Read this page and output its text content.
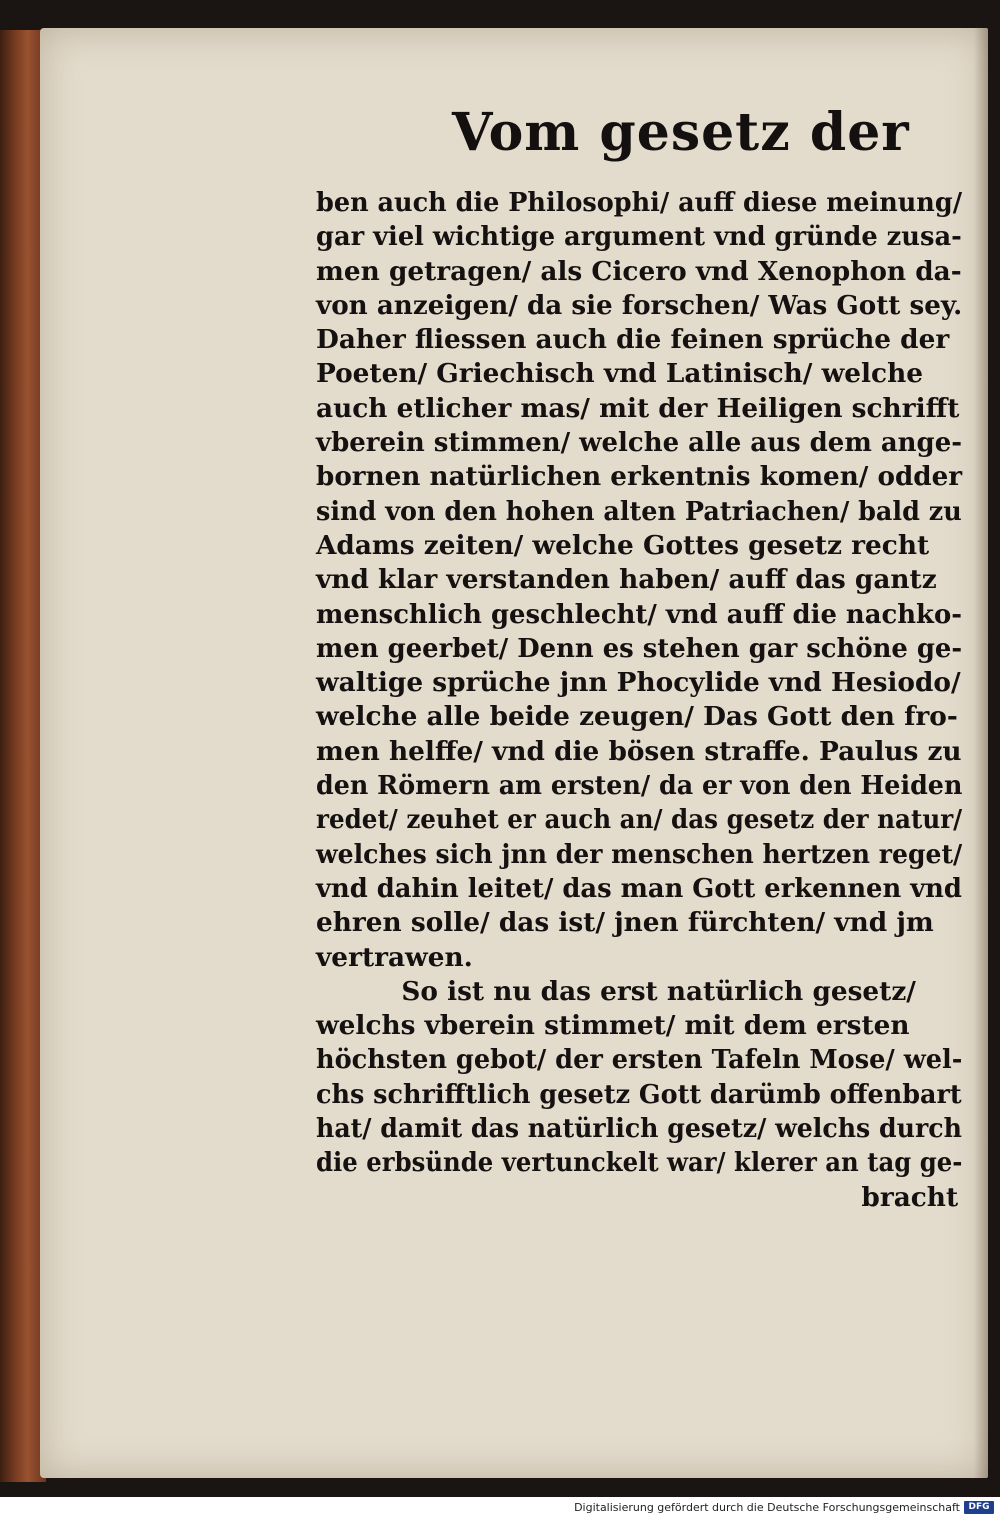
Vom gesetz der
ben auch die Philosophi/ auff diese meinung/
gar viel wichtige argument vnd gründe zusa-
men getragen/ als Cicero vnd Xenophon da-
von anzeigen/ da sie forschen/ Was Gott sey.
Daher fliessen auch die feinen sprüche der
Poeten/ Griechisch vnd Latinisch/ welche
auch etlicher mas/ mit der Heiligen schrifft
vberein stimmen/ welche alle aus dem ange-
bornen natürlichen erkentnis komen/ odder
sind von den hohen alten Patriachen/ bald zu
Adams zeiten/ welche Gottes gesetz recht
vnd klar verstanden haben/ auff das gantz
menschlich geschlecht/ vnd auff die nachko-
men geerbet/ Denn es stehen gar schöne ge-
waltige sprüche jnn Phocylide vnd Hesiodo/
welche alle beide zeugen/ Das Gott den fro-
men helffe/ vnd die bösen straffe. Paulus zu
den Römern am ersten/ da er von den Heiden
redet/ zeuhet er auch an/ das gesetz der natur/
welches sich jnn der menschen hertzen reget/
vnd dahin leitet/ das man Gott erkennen vnd
ehren solle/ das ist/ jnen fürchten/ vnd jm
vertrawen.
So ist nu das erst natürlich gesetz/
welchs vberein stimmet/ mit dem ersten
höchsten gebot/ der ersten Tafeln Mose/ wel-
chs schrifftlich gesetz Gott darümb offenbart
hat/ damit das natürlich gesetz/ welchs durch
die erbsünde vertunckelt war/ klerer an tag ge-
bracht
Digitalisierung gefördert durch die Deutsche Forschungsgemeinschaft DFG
